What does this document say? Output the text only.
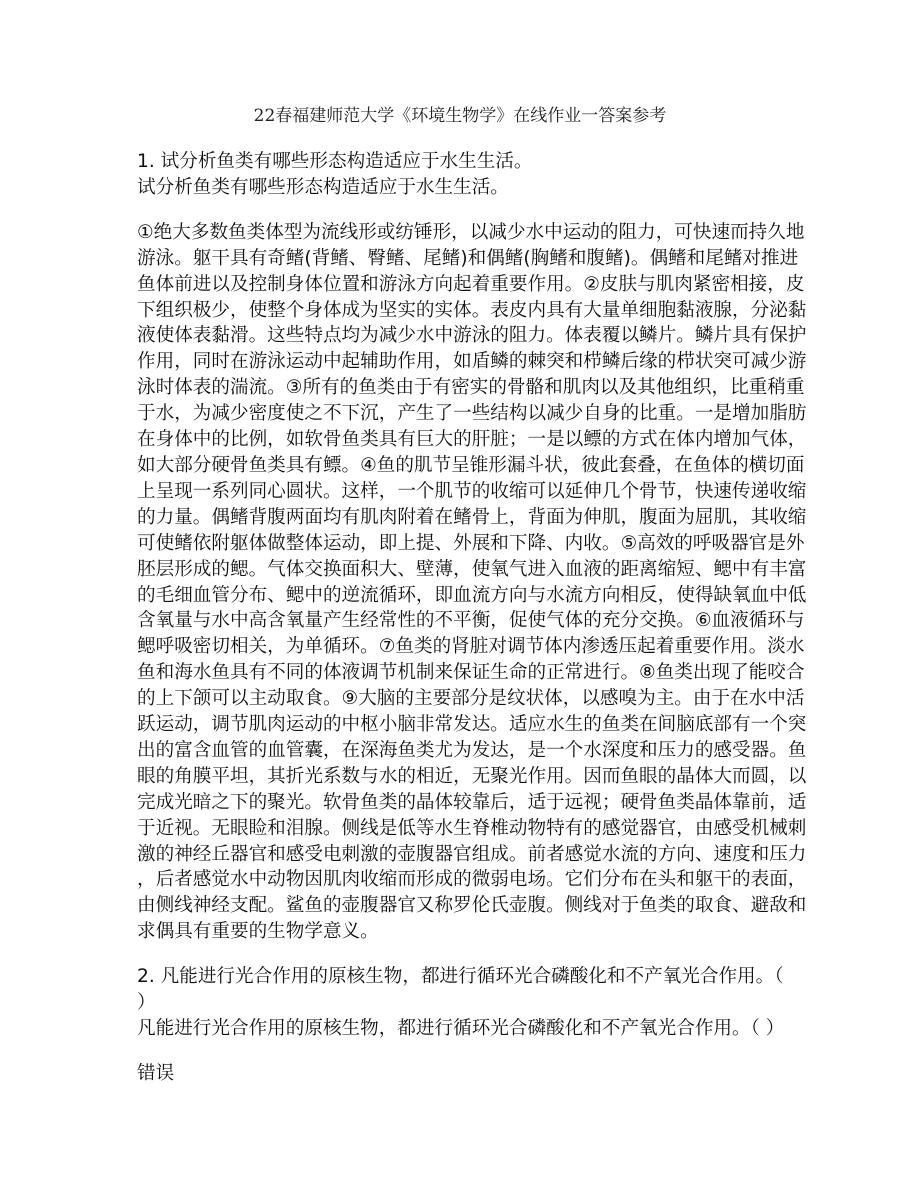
22春福建师范大学《环境生物学》在线作业一答案参考
1. 试分析鱼类有哪些形态构造适应于水生生活。
试分析鱼类有哪些形态构造适应于水生生活。
①绝大多数鱼类体型为流线形或纺锤形，以减少水中运动的阻力，可快速而持久地
游泳。躯干具有奇鳍(背鳍、臀鳍、尾鳍)和偶鳍(胸鳍和腹鳍)。偶鳍和尾鳍对推进
鱼体前进以及控制身体位置和游泳方向起着重要作用。②皮肤与肌肉紧密相接，皮
下组织极少，使整个身体成为坚实的实体。表皮内具有大量单细胞黏液腺，分泌黏
液使体表黏滑。这些特点均为减少水中游泳的阻力。体表覆以鳞片。鳞片具有保护
作用，同时在游泳运动中起辅助作用，如盾鳞的棘突和栉鳞后缘的栉状突可减少游
泳时体表的湍流。③所有的鱼类由于有密实的骨骼和肌肉以及其他组织，比重稍重
于水，为减少密度使之不下沉，产生了一些结构以减少自身的比重。一是增加脂肪
在身体中的比例，如软骨鱼类具有巨大的肝脏；一是以鳔的方式在体内增加气体，
如大部分硬骨鱼类具有鳔。④鱼的肌节呈锥形漏斗状，彼此套叠，在鱼体的横切面
上呈现一系列同心圆状。这样，一个肌节的收缩可以延伸几个骨节，快速传递收缩
的力量。偶鳍背腹两面均有肌肉附着在鳍骨上，背面为伸肌，腹面为屈肌，其收缩
可使鳍依附躯体做整体运动，即上提、外展和下降、内收。⑤高效的呼吸器官是外
胚层形成的鳃。气体交换面积大、壁薄，使氧气进入血液的距离缩短、鳃中有丰富
的毛细血管分布、鳃中的逆流循环，即血流方向与水流方向相反，使得缺氧血中低
含氧量与水中高含氧量产生经常性的不平衡，促使气体的充分交换。⑥血液循环与
鳃呼吸密切相关，为单循环。⑦鱼类的肾脏对调节体内渗透压起着重要作用。淡水
鱼和海水鱼具有不同的体液调节机制来保证生命的正常进行。⑧鱼类出现了能咬合
的上下颌可以主动取食。⑨大脑的主要部分是纹状体，以感嗅为主。由于在水中活
跃运动，调节肌肉运动的中枢小脑非常发达。适应水生的鱼类在间脑底部有一个突
出的富含血管的血管囊，在深海鱼类尤为发达，是一个水深度和压力的感受器。鱼
眼的角膜平坦，其折光系数与水的相近，无聚光作用。因而鱼眼的晶体大而圆，以
完成光暗之下的聚光。软骨鱼类的晶体较靠后，适于远视；硬骨鱼类晶体靠前，适
于近视。无眼睑和泪腺。侧线是低等水生脊椎动物特有的感觉器官，由感受机械刺
激的神经丘器官和感受电刺激的壶腹器官组成。前者感觉水流的方向、速度和压力
，后者感觉水中动物因肌肉收缩而形成的微弱电场。它们分布在头和躯干的表面，
由侧线神经支配。鲨鱼的壶腹器官又称罗伦氏壶腹。侧线对于鱼类的取食、避敌和
求偶具有重要的生物学意义。
2. 凡能进行光合作用的原核生物，都进行循环光合磷酸化和不产氧光合作用。（
）
凡能进行光合作用的原核生物，都进行循环光合磷酸化和不产氧光合作用。（ ）
错误
